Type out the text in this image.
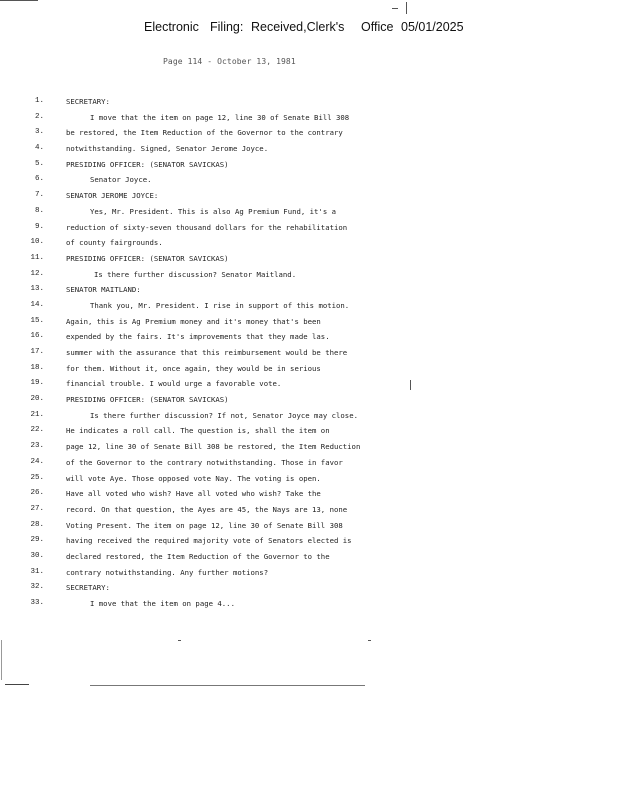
Electronic Filing: Received,Clerk's Office 05/01/2025
Page 114 - October 13, 1981
1.	SECRETARY:
2.	I move that the item on page 12, line 30 of Senate Bill 308
3.	be restored, the Item Reduction of the Governor to the contrary
4.	notwithstanding. Signed, Senator Jerome Joyce.
5.	PRESIDING OFFICER: (SENATOR SAVICKAS)
6.	Senator Joyce.
7.	SENATOR JEROME JOYCE:
8.	Yes, Mr. President. This is also Ag Premium Fund, it's a
9.	reduction of sixty-seven thousand dollars for the rehabilitation
10.	of county fairgrounds.
11.	PRESIDING OFFICER: (SENATOR SAVICKAS)
12.	Is there further discussion? Senator Maitland.
13.	SENATOR MAITLAND:
14.	Thank you, Mr. President. I rise in support of this motion.
15.	Again, this is Ag Premium money and it's money that's been
16.	expended by the fairs. It's improvements that they made las.
17.	summer with the assurance that this reimbursement would be there
18.	for them. Without it, once again, they would be in serious
19.	financial trouble. I would urge a favorable vote.
20.	PRESIDING OFFICER: (SENATOR SAVICKAS)
21.	Is there further discussion? If not, Senator Joyce may close.
22.	He indicates a roll call. The question is, shall the item on
23.	page 12, line 30 of Senate Bill 308 be restored, the Item Reduction
24.	of the Governor to the contrary notwithstanding. Those in favor
25.	will vote Aye. Those opposed vote Nay. The voting is open.
26.	Have all voted who wish? Have all voted who wish? Take the
27.	record. On that question, the Ayes are 45, the Nays are 13, none
28.	Voting Present. The item on page 12, line 30 of Senate Bill 308
29.	having received the required majority vote of Senators elected is
30.	declared restored, the Item Reduction of the Governor to the
31.	contrary notwithstanding. Any further motions?
32.	SECRETARY:
33.	I move that the item on page 4...
